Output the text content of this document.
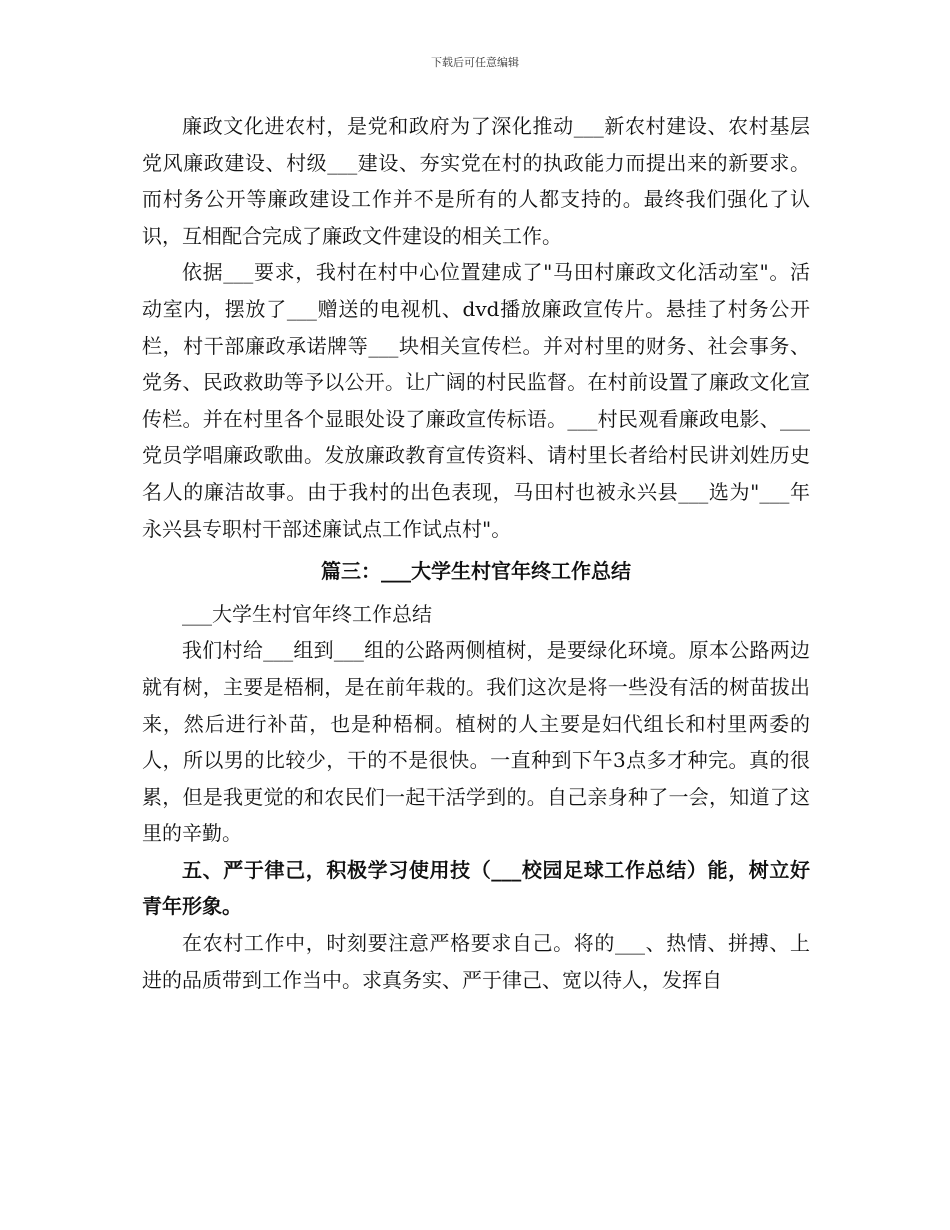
下载后可任意编辑

廉政文化进农村，是党和政府为了深化推动___新农村建设、农村基层党风廉政建设、村级___建设、夯实党在村的执政能力而提出来的新要求。而村务公开等廉政建设工作并不是所有的人都支持的。最终我们强化了认识，互相配合完成了廉政文件建设的相关工作。

依据___要求，我村在村中心位置建成了"马田村廉政文化活动室"。活动室内，摆放了___赠送的电视机、dvd播放廉政宣传片。悬挂了村务公开栏，村干部廉政承诺牌等___块相关宣传栏。并对村里的财务、社会事务、党务、民政救助等予以公开。让广阔的村民监督。在村前设置了廉政文化宣传栏。并在村里各个显眼处设了廉政宣传标语。___村民观看廉政电影、___党员学唱廉政歌曲。发放廉政教育宣传资料、请村里长者给村民讲刘姓历史名人的廉洁故事。由于我村的出色表现，马田村也被永兴县___选为"___年永兴县专职村干部述廉试点工作试点村"。

篇三：___大学生村官年终工作总结

___大学生村官年终工作总结

我们村给___组到___组的公路两侧植树，是要绿化环境。原本公路两边就有树，主要是梧桐，是在前年栽的。我们这次是将一些没有活的树苗拔出来，然后进行补苗，也是种梧桐。植树的人主要是妇代组长和村里两委的人，所以男的比较少，干的不是很快。一直种到下午3点多才种完。真的很累，但是我更觉的和农民们一起干活学到的。自己亲身种了一会，知道了这里的辛勤。

五、严于律己，积极学习使用技（___校园足球工作总结）能，树立好青年形象。

在农村工作中，时刻要注意严格要求自己。将的___、热情、拼搏、上进的品质带到工作当中。求真务实、严于律己、宽以待人，发挥自
